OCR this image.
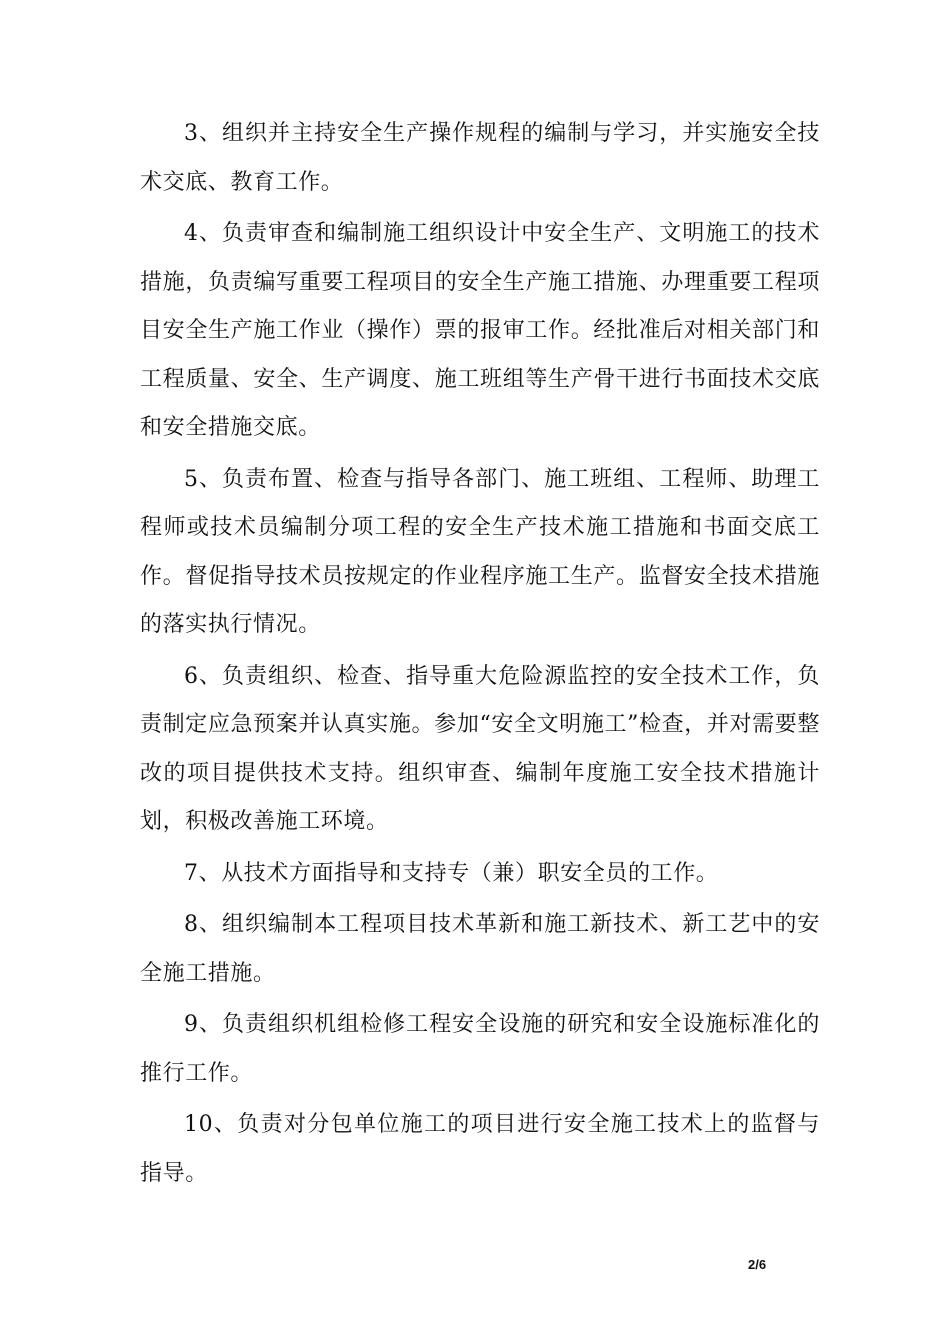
3、组织并主持安全生产操作规程的编制与学习，并实施安全技术交底、教育工作。

4、负责审查和编制施工组织设计中安全生产、文明施工的技术措施，负责编写重要工程项目的安全生产施工措施、办理重要工程项目安全生产施工作业（操作）票的报审工作。经批准后对相关部门和工程质量、安全、生产调度、施工班组等生产骨干进行书面技术交底和安全措施交底。

5、负责布置、检查与指导各部门、施工班组、工程师、助理工程师或技术员编制分项工程的安全生产技术施工措施和书面交底工作。督促指导技术员按规定的作业程序施工生产。监督安全技术措施的落实执行情况。

6、负责组织、检查、指导重大危险源监控的安全技术工作，负责制定应急预案并认真实施。参加“安全文明施工”检查，并对需要整改的项目提供技术支持。组织审查、编制年度施工安全技术措施计划，积极改善施工环境。

7、从技术方面指导和支持专（兼）职安全员的工作。

8、组织编制本工程项目技术革新和施工新技术、新工艺中的安全施工措施。

9、负责组织机组检修工程安全设施的研究和安全设施标准化的推行工作。

10、负责对分包单位施工的项目进行安全施工技术上的监督与指导。

2/6
